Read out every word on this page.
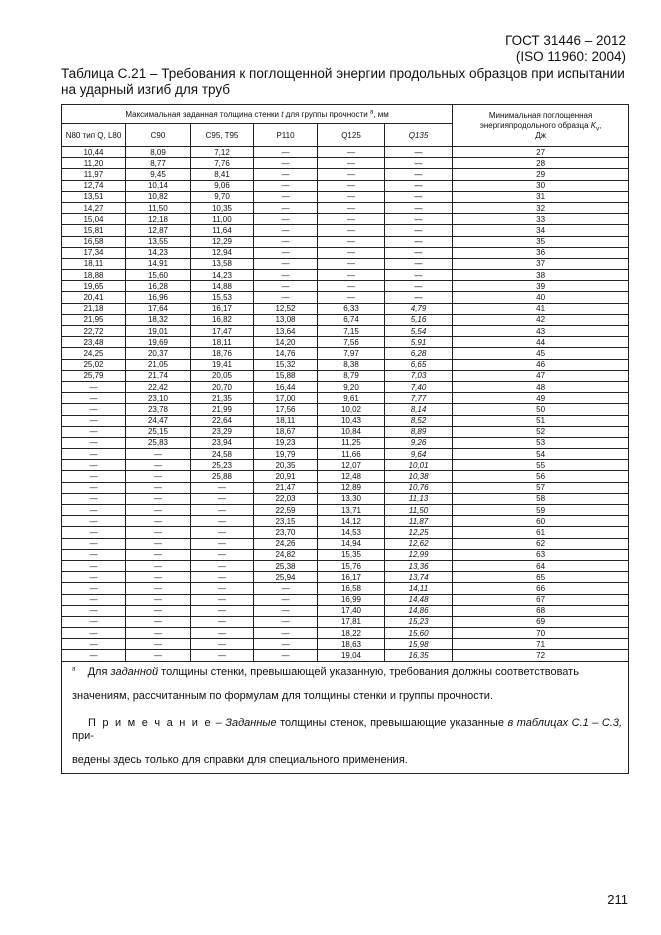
ГОСТ 31446 – 2012
(ISO 11960: 2004)
Таблица С.21 – Требования к поглощенной энергии продольных образцов при испытании на ударный изгиб для труб
Максимальная заданная толщина стенки t для группы прочности $^a$, мм						Минимальная поглощенная
энергияпродольного образца $K_v$,
Дж
N80 тип Q, L80	C90	C95, T95	P110	Q125	Q135	
10,44	8,09	7,12	—	—	—	27
11,20	8,77	7,76	—	—	—	28
11,97	9,45	8,41	—	—	—	29
12,74	10,14	9,06	—	—	—	30
13,51	10,82	9,70	—	—	—	31
14,27	11,50	10,35	—	—	—	32
15,04	12,18	11,00	—	—	—	33
15,81	12,87	11,64	—	—	—	34
16,58	13,55	12,29	—	—	—	35
17,34	14,23	12,94	—	—	—	36
18,11	14,91	13,58	—	—	—	37
18,88	15,60	14,23	—	—	—	38
19,65	16,28	14,88	—	—	—	39
20,41	16,96	15,53	—	—	—	40
21,18	17,64	16,17	12,52	6,33	4,79	41
21,95	18,32	16,82	13,08	6,74	5,16	42
22,72	19,01	17,47	13,64	7,15	5,54	43
23,48	19,69	18,11	14,20	7,56	5,91	44
24,25	20,37	18,76	14,76	7,97	6,28	45
25,02	21,05	19,41	15,32	8,38	6,65	46
25,79	21,74	20,05	15,88	8,79	7,03	47
—	22,42	20,70	16,44	9,20	7,40	48
—	23,10	21,35	17,00	9,61	7,77	49
—	23,78	21,99	17,56	10,02	8,14	50
—	24,47	22,64	18,11	10,43	8,52	51
—	25,15	23,29	18,67	10,84	8,89	52
—	25,83	23,94	19,23	11,25	9,26	53
—	—	24,58	19,79	11,66	9,64	54
—	—	25,23	20,35	12,07	10,01	55
—	—	25,88	20,91	12,48	10,38	56
—	—	—	21,47	12,89	10,76	57
—	—	—	22,03	13,30	11,13	58
—	—	—	22,59	13,71	11,50	59
—	—	—	23,15	14,12	11,87	60
—	—	—	23,70	14,53	12,25	61
—	—	—	24,26	14,94	12,62	62
—	—	—	24,82	15,35	12,99	63
—	—	—	25,38	15,76	13,36	64
—	—	—	25,94	16,17	13,74	65
—	—	—	—	16,58	14,11	66
—	—	—	—	16,99	14,48	67
—	—	—	—	17,40	14,86	68
—	—	—	—	17,81	15,23	69
—	—	—	—	18,22	15,60	70
—	—	—	—	18,63	15,98	71
—	—	—	—	19,04	16,35	72

$^a$ Для заданной толщины стенки, превышающей указанную, требования должны соответствовать

значениям, рассчитанным по формулам для толщины стенки и группы прочности.

П р и м е ч а н и е – Заданные толщины стенок, превышающие указанные в таблицах С.1 – С.3, при-

ведены здесь только для справки для специального применения.						

211
